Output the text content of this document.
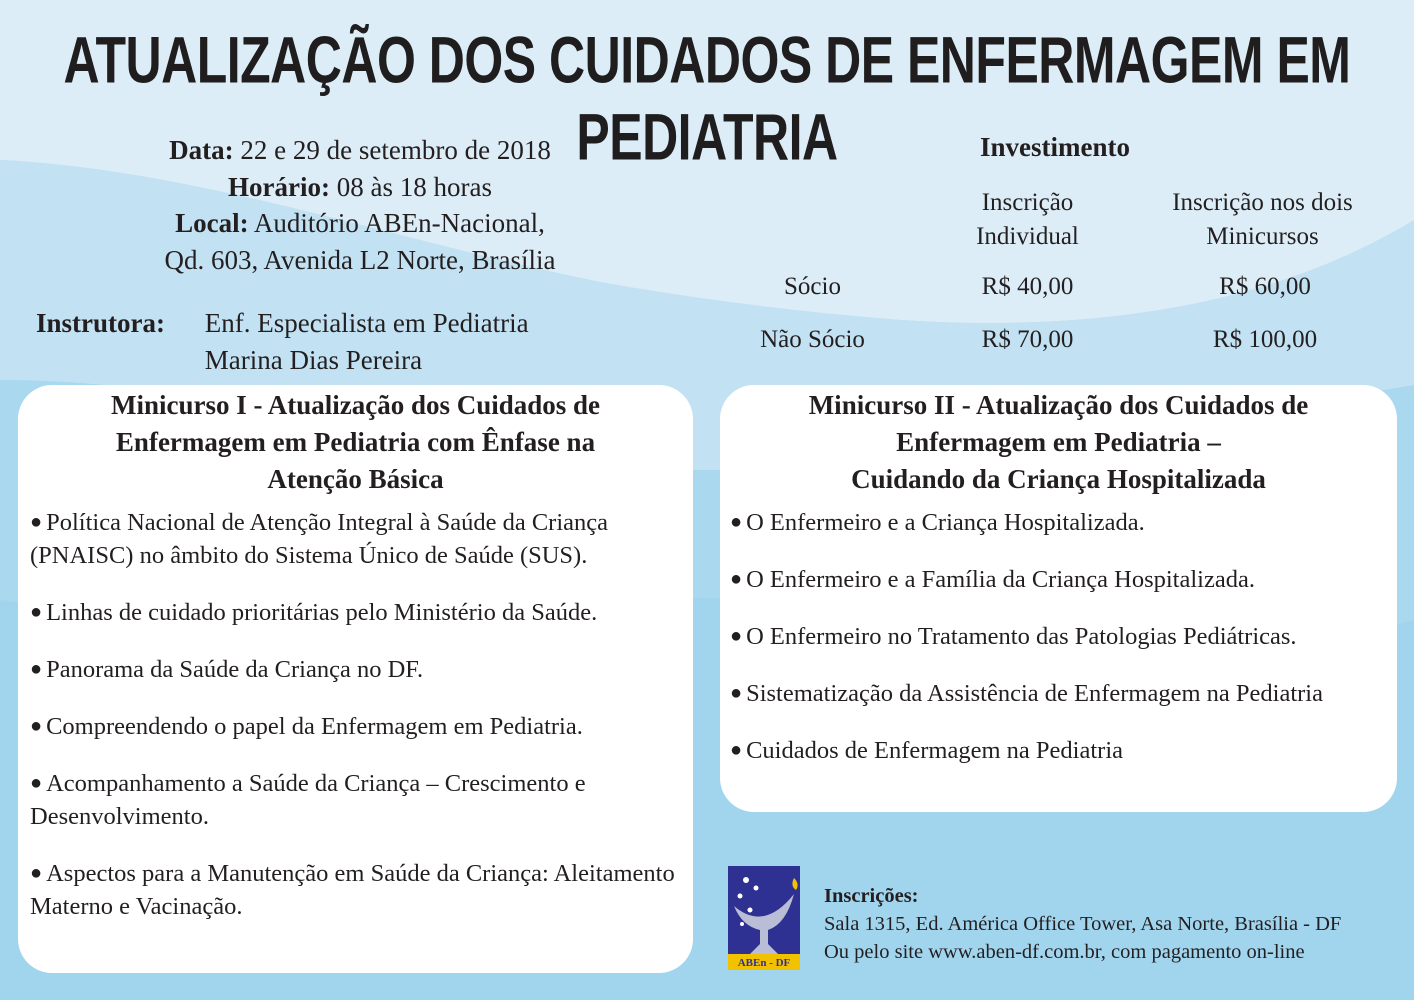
ATUALIZAÇÃO DOS CUIDADOS DE ENFERMAGEM EM PEDIATRIA
Data: 22 e 29 de setembro de 2018
Horário: 08 às 18 horas
Local: Auditório ABEn-Nacional,
Qd. 603, Avenida L2 Norte, Brasília
Instrutora: Enf. Especialista em Pediatria
Marina Dias Pereira
Investimento
Inscrição
Individual
Inscrição nos dois
Minicursos
Sócio	R$ 40,00	R$ 60,00
Não Sócio	R$ 70,00	R$ 100,00
Minicurso I - Atualização dos Cuidados de
Enfermagem em Pediatria com Ênfase na
Atenção Básica
● Política Nacional de Atenção Integral à Saúde da Criança (PNAISC) no âmbito do Sistema Único de Saúde (SUS).
● Linhas de cuidado prioritárias pelo Ministério da Saúde.
● Panorama da Saúde da Criança no DF.
● Compreendendo o papel da Enfermagem em Pediatria.
● Acompanhamento a Saúde da Criança – Crescimento e Desenvolvimento.
● Aspectos para a Manutenção em Saúde da Criança: Aleitamento Materno e Vacinação.
Minicurso II - Atualização dos Cuidados de
Enfermagem em Pediatria –
Cuidando da Criança Hospitalizada
● O Enfermeiro e a Criança Hospitalizada.
● O Enfermeiro e a Família da Criança Hospitalizada.
● O Enfermeiro no Tratamento das Patologias Pediátricas.
● Sistematização da Assistência de Enfermagem na Pediatria
● Cuidados de Enfermagem na Pediatria
ABEn - DF
Inscrições:
Sala 1315, Ed. América Office Tower, Asa Norte, Brasília - DF
Ou pelo site www.aben-df.com.br, com pagamento on-line
